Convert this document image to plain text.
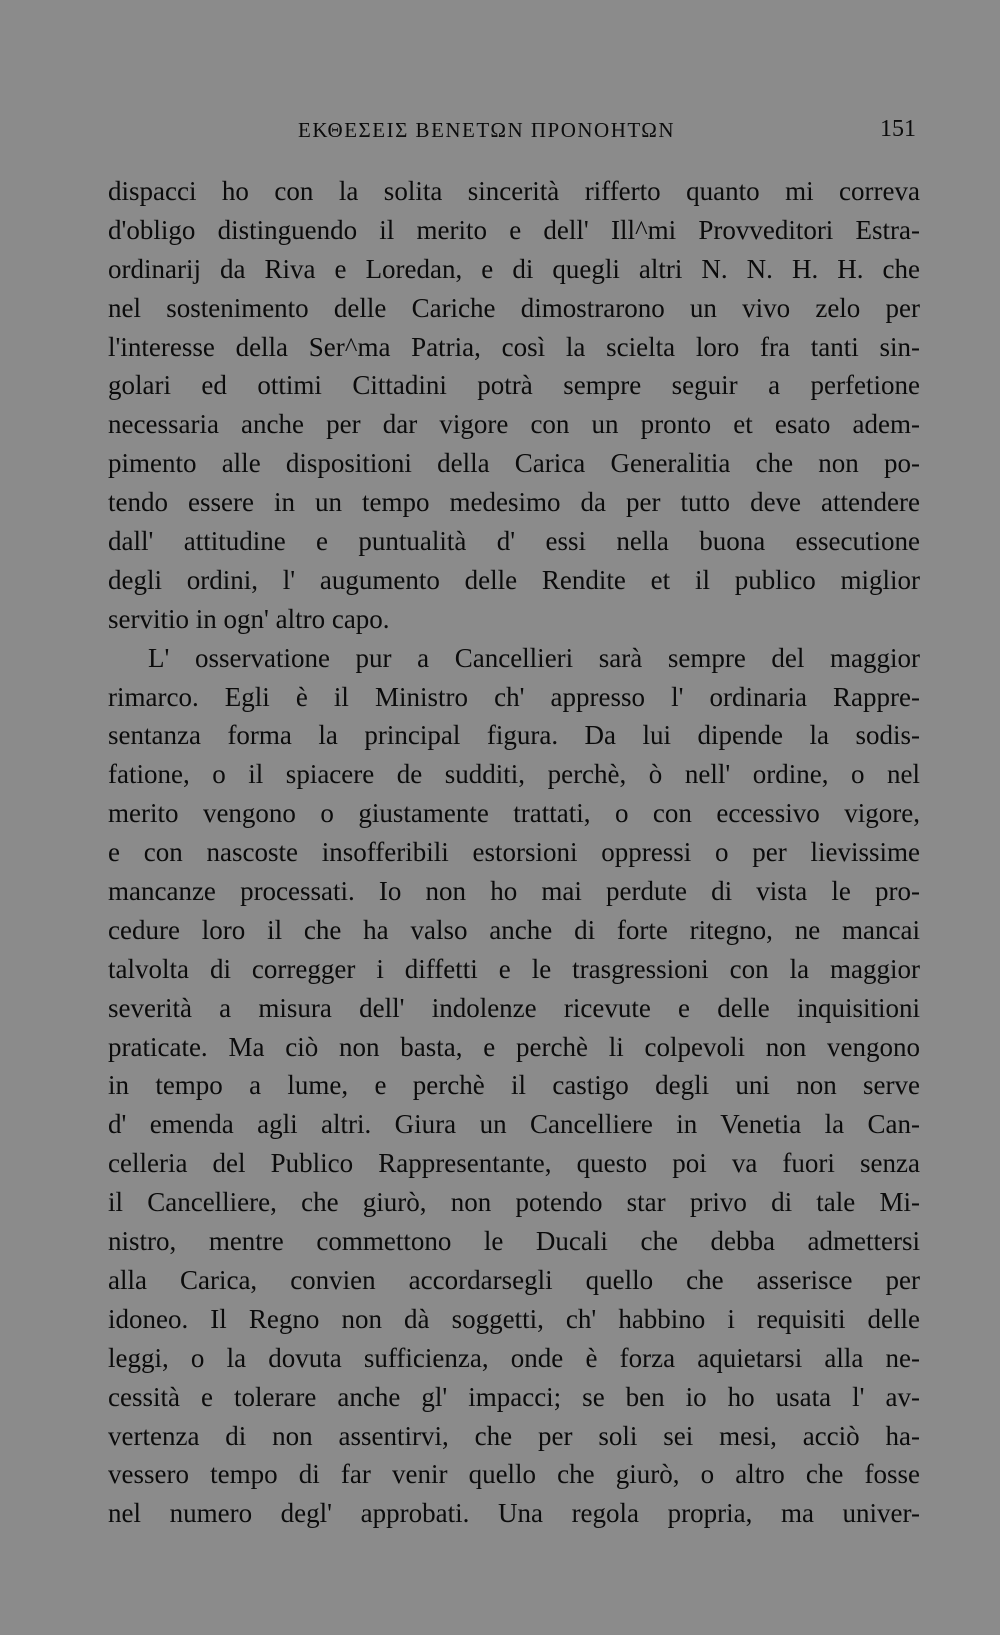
ΕΚΘΕΣΕΙΣ ΒΕΝΕΤΩΝ ΠΡΟΝΟΗΤΩΝ	151
dispacci ho con la solita sincerità rifferto quanto mi correva
d'obligo distinguendo il merito e dell' Ill^mi Provveditori Estra-
ordinarij da Riva e Loredan, e di quegli altri N. N. H. H. che
nel sostenimento delle Cariche dimostrarono un vivo zelo per
l'interesse della Ser^ma Patria, così la scielta loro fra tanti sin-
golari ed ottimi Cittadini potrà sempre seguir a perfetione
necessaria anche per dar vigore con un pronto et esato adem-
pimento alle dispositioni della Carica Generalitia che non po-
tendo essere in un tempo medesimo da per tutto deve attendere
dall' attitudine e puntualità d' essi nella buona essecutione
degli ordini, l' augumento delle Rendite et il publico miglior
servitio in ogn' altro capo.
L' osservatione pur a Cancellieri sarà sempre del maggior
rimarco. Egli è il Ministro ch' appresso l' ordinaria Rappre-
sentanza forma la principal figura. Da lui dipende la sodis-
fatione, o il spiacere de sudditi, perchè, ò nell' ordine, o nel
merito vengono o giustamente trattati, o con eccessivo vigore,
e con nascoste insofferibili estorsioni oppressi o per lievissime
mancanze processati. Io non ho mai perdute di vista le pro-
cedure loro il che ha valso anche di forte ritegno, ne mancai
talvolta di corregger i diffetti e le trasgressioni con la maggior
severità a misura dell' indolenze ricevute e delle inquisitioni
praticate. Ma ciò non basta, e perchè li colpevoli non vengono
in tempo a lume, e perchè il castigo degli uni non serve
d' emenda agli altri. Giura un Cancelliere in Venetia la Can-
celleria del Publico Rappresentante, questo poi va fuori senza
il Cancelliere, che giurò, non potendo star privo di tale Mi-
nistro, mentre commettono le Ducali che debba admettersi
alla Carica, convien accordarsegli quello che asserisce per
idoneo. Il Regno non dà soggetti, ch' habbino i requisiti delle
leggi, o la dovuta sufficienza, onde è forza aquietarsi alla ne-
cessità e tolerare anche gl' impacci; se ben io ho usata l' av-
vertenza di non assentirvi, che per soli sei mesi, acciò ha-
vessero tempo di far venir quello che giurò, o altro che fosse
nel numero degl' approbati. Una regola propria, ma univer-
